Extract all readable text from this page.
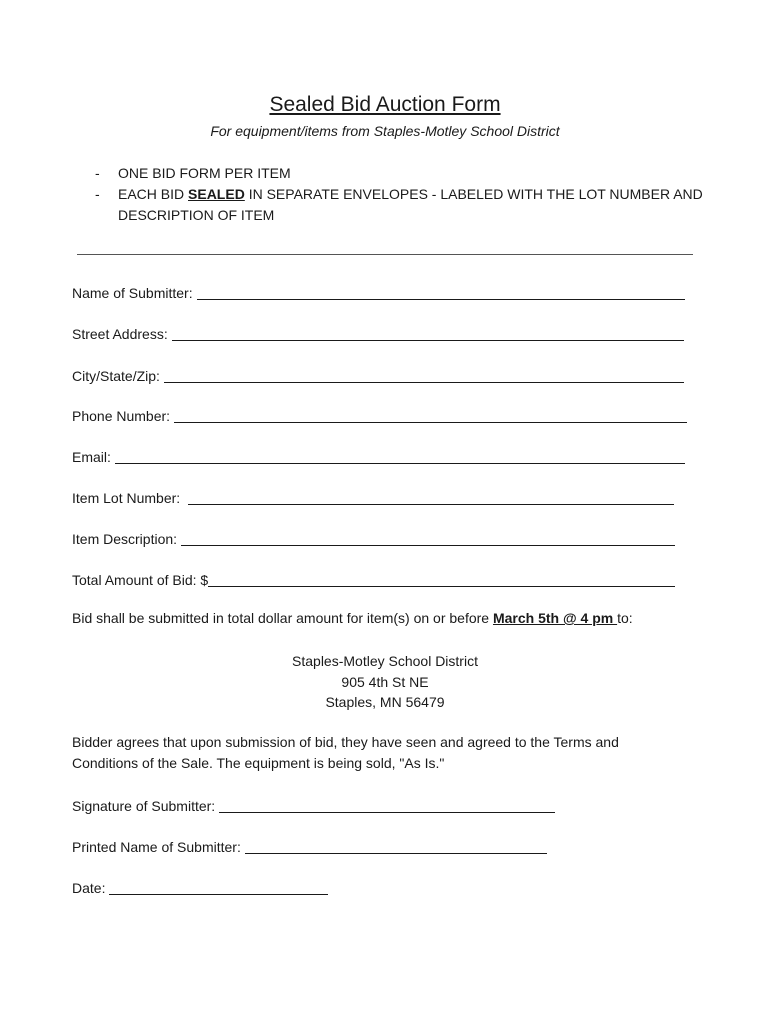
Sealed Bid Auction Form
For equipment/items from Staples-Motley School District
- ONE BID FORM PER ITEM
- EACH BID SEALED IN SEPARATE ENVELOPES - LABELED WITH THE LOT NUMBER AND DESCRIPTION OF ITEM
Name of Submitter:
Street Address:
City/State/Zip:
Phone Number:
Email:
Item Lot Number:
Item Description:
Total Amount of Bid: $
Bid shall be submitted in total dollar amount for item(s) on or before March 5th @ 4 pm to:
Staples-Motley School District
905 4th St NE
Staples, MN 56479
Bidder agrees that upon submission of bid, they have seen and agreed to the Terms and Conditions of the Sale. The equipment is being sold, "As Is."
Signature of Submitter:
Printed Name of Submitter:
Date:
